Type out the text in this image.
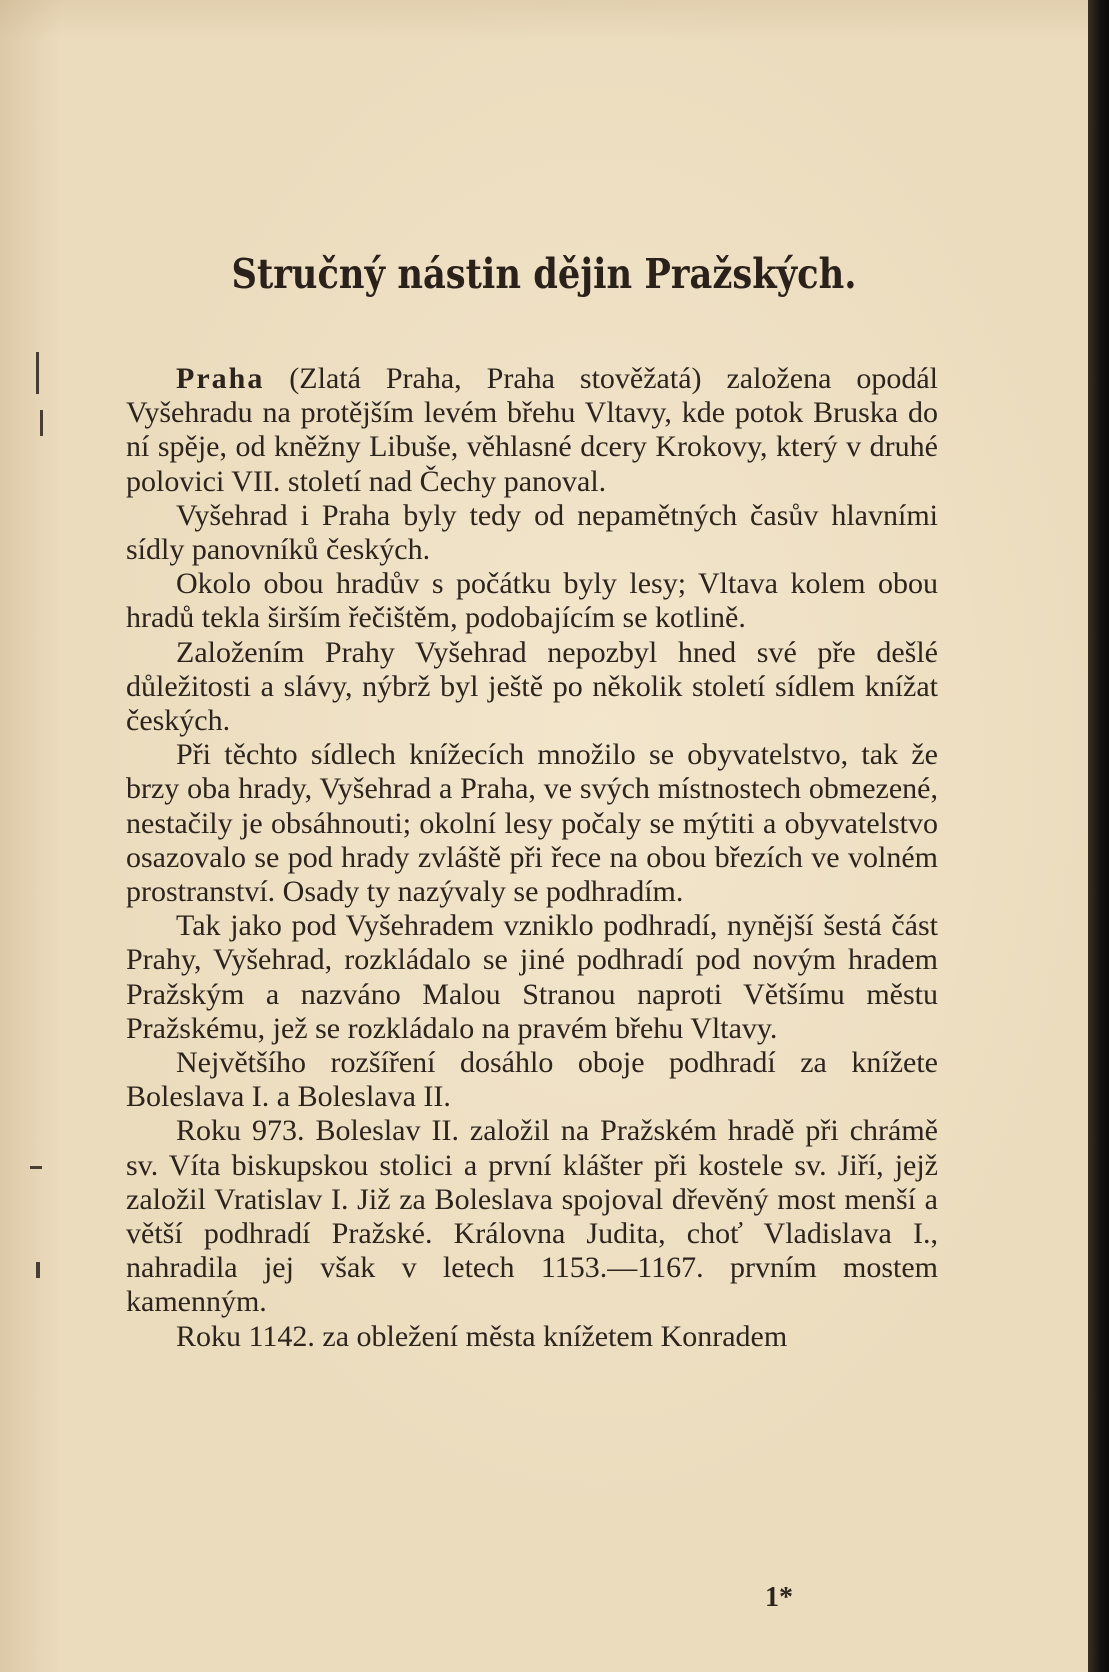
Stručný nástin dějin Pražských.

Praha (Zlatá Praha, Praha stověžatá) založena opodál Vyšehradu na protějším levém břehu Vltavy, kde potok Bruska do ní spěje, od kněžny Libuše, věhlasné dcery Krokovy, který v druhé polovici VII. století nad Čechy panoval.

Vyšehrad i Praha byly tedy od nepamětných časův hlavními sídly panovníků českých.

Okolo obou hradův s počátku byly lesy; Vltava kolem obou hradů tekla širším řečištěm, podobajícím se kotlině.

Založením Prahy Vyšehrad nepozbyl hned své pře dešlé důležitosti a slávy, nýbrž byl ještě po několik století sídlem knížat českých.

Při těchto sídlech knížecích množilo se obyvatelstvo, tak že brzy oba hrady, Vyšehrad a Praha, ve svých místnostech obmezené, nestačily je obsáhnouti; okolní lesy počaly se mýtiti a obyvatelstvo osazovalo se pod hrady zvláště při řece na obou březích ve volném prostranství. Osady ty nazývaly se podhradím.

Tak jako pod Vyšehradem vzniklo podhradí, nynější šestá část Prahy, Vyšehrad, rozkládalo se jiné podhradí pod novým hradem Pražským a nazváno Malou Stranou naproti Většímu městu Pražskému, jež se rozkládalo na pravém břehu Vltavy.

Největšího rozšíření dosáhlo oboje podhradí za knížete Boleslava I. a Boleslava II.

Roku 973. Boleslav II. založil na Pražském hradě při chrámě sv. Víta biskupskou stolici a první klášter při kostele sv. Jiří, jejž založil Vratislav I. Již za Boleslava spojoval dřevěný most menší a větší podhradí Pražské. Královna Judita, choť Vladislava I., nahradila jej však v letech 1153.—1167. prvním mostem kamenným.

Roku 1142. za obležení města knížetem Konradem

1*
